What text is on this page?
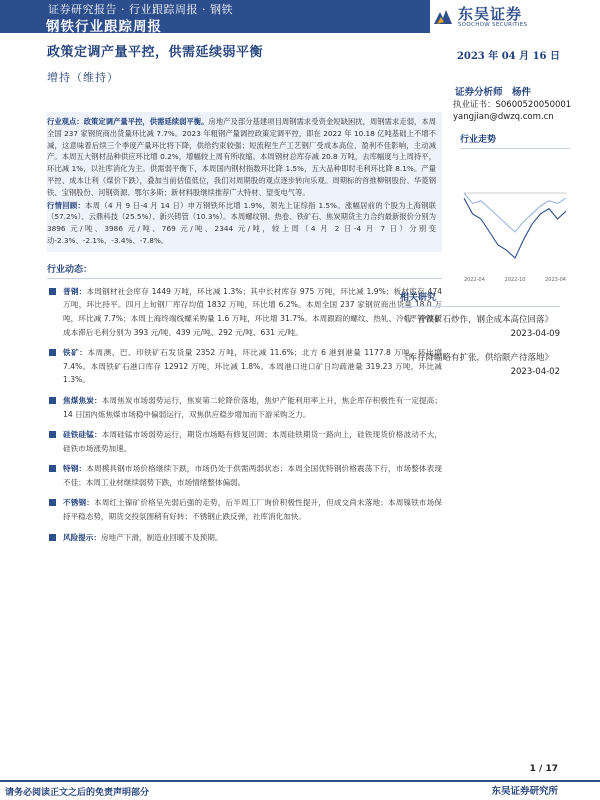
证券研究报告 · 行业跟踪周报 · 钢铁
钢铁行业跟踪周报
东吴证券
SOOCHOW SECURITIES
政策定调产量平控，供需延续弱平衡	2023 年 04 月 16 日
增持（维持）
证券分析师　杨件
执业证书：S0600520050001
yangjian@dwzq.com.cn

行业观点：政策定调产量平控，供需延续弱平衡。房地产及部分基建项目周钢需求受资金短缺困扰，周钢需求走弱，本周全国 237 家钢贸商出货量环比减 7.7%。2023 年粗钢产量调控政策定调平控，即在 2022 年 10.18 亿吨基础上不增不减，这意味着后续三个季度产量环比将下降，供给约束较强；短流程生产工艺钢厂受成本高位、盈利不佳影响，主动减产。本周五大钢材品种供应环比增 0.2%，增幅较上周有所收缩。本周钢材总库存减 20.8 万吨，去库幅度与上周持平，环比减 1%，以社库消化为主。供需弱平衡下，本周国内钢材指数环比降 1.5%，五大品种即时毛利环比降 8.1%。产量平控、成本让利（煤价下跌），叠加当前估值低位，我们对周期股的观点逐步转向乐观。周期标的首推柳钢股份、华菱钢铁、宝钢股份、河钢资源、鄂尔多斯；新材料股继续推荐广大特材、望变电气等。

行情回顾：本周（4 月 9 日-4 月 14 日）申万钢铁环比增 1.9%，领先上证综指 1.5%。涨幅居前的个股为上海钢联（57.2%）、云鼎科技（25.5%）、新兴铸管（10.3%）。本周螺纹钢、热卷、铁矿石、焦炭期货主力合约最新报价分别为 3896 元/吨、3986 元/吨、769 元/吨、2344 元/吨，较上周（4 月 2 日-4 月 7 日）分别变动-2.3%、-2.1%、-3.4%、-7.8%。

行业动态：
普钢：本周钢材社会库存 1449 万吨，环比减 1.3%；其中长材库存 975 万吨，环比减 1.9%；板材库存 474 万吨，环比持平。四月上旬钢厂库存均值 1832 万吨，环比增 6.2%。本周全国 237 家钢贸商出货量 18.0 万吨，环比减 7.7%；本周上海终端线螺采购量 1.6 万吨，环比增 31.7%。本周跟踪的螺纹、热轧、冷轧、中厚板成本滞后毛利分别为 393 元/吨、439 元/吨、292 元/吨、631 元/吨。
铁矿：本周澳、巴、印铁矿石发货量 2352 万吨，环比减 11.6%；北方 6 港到港量 1177.8 万吨，环比增 7.4%。本周铁矿石港口库存 12912 万吨，环比减 1.8%。本周港口进口矿日均疏港量 319.23 万吨，环比减 1.3%。
焦煤焦炭：本周焦炭市场弱势运行，焦炭第二轮降价落地，焦炉产能利用率上升，焦企库存积极性有一定提高；14 日国内炼焦煤市场稳中偏弱运行，双焦供应稳步增加而下游采购乏力。
硅铁硅锰：本周硅锰市场弱势运行，期货市场略有修复回调；本周硅铁期货一路向上，硅铁现货价格波动不大，硅铁市场涨势加速。
特钢：本周模具钢市场价格继续下跌，市场仍处于供需两弱状态；本周全国优特钢价格震荡下行，市场整体表现不佳；本周工业材继续弱势下跌，市场情绪整体偏弱。
不锈钢：本周红土镍矿价格呈先弱后强的走势，后半周工厂询价积极性提升，但成交尚未落地；本周镍铁市场保持平稳态势，期货交投氛围稍有好转；不锈钢止跌反弹，社库消化加快。
风险提示：房地产下滑，制造业回暖不及预期。
行业走势
2022-04	2022-10	2023-04
相关研究
《严管铁矿石炒作，钢企成本高位回落》
2023-04-09
《库存降幅略有扩张，供给限产待落地》
2023-04-02
1 / 17
请务必阅读正文之后的免责声明部分	东吴证券研究所
